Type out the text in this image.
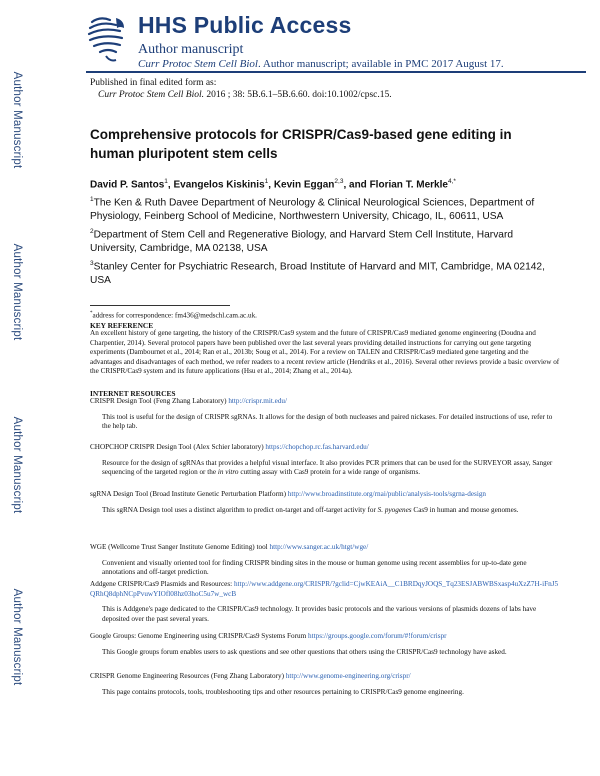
Author Manuscript
Author Manuscript
Author Manuscript
Author Manuscript
HHS Public Access
Author manuscript
Curr Protoc Stem Cell Biol. Author manuscript; available in PMC 2017 August 17.
Published in final edited form as:
Curr Protoc Stem Cell Biol. 2016 ; 38: 5B.6.1–5B.6.60. doi:10.1002/cpsc.15.
Comprehensive protocols for CRISPR/Cas9-based gene editing in human pluripotent stem cells
David P. Santos$^1$, Evangelos Kiskinis$^1$, Kevin Eggan$^{2,3}$, and Florian T. Merkle$^{4,*}$
$^1$The Ken & Ruth Davee Department of Neurology & Clinical Neurological Sciences, Department of Physiology, Feinberg School of Medicine, Northwestern University, Chicago, IL, 60611, USA
$^2$Department of Stem Cell and Regenerative Biology, and Harvard Stem Cell Institute, Harvard University, Cambridge, MA 02138, USA
$^3$Stanley Center for Psychiatric Research, Broad Institute of Harvard and MIT, Cambridge, MA 02142, USA
*address for correspondence: fm436@medschl.cam.ac.uk.
KEY REFERENCE
An excellent history of gene targeting, the history of the CRISPR/Cas9 system and the future of CRISPR/Cas9 mediated genome engineering (Doudna and Charpentier, 2014). Several protocol papers have been published over the last several years providing detailed instructions for carrying out gene targeting experiments (Dambournet et al., 2014; Ran et al., 2013b; Soug et al., 2014). For a review on TALEN and CRISPR/Cas9 mediated gene targeting and the advantages and disadvantages of each method, we refer readers to a recent review article (Hendriks et al., 2016). Several other reviews provide a basic overview of the CRISPR/Cas9 system and its future applications (Hsu et al., 2014; Zhang et al., 2014a).
INTERNET RESOURCES
CRISPR Design Tool (Feng Zhang Laboratory) http://crispr.mit.edu/
This tool is useful for the design of CRISPR sgRNAs. It allows for the design of both nucleases and paired nickases. For detailed instructions of use, refer to the help tab.
CHOPCHOP CRISPR Design Tool (Alex Schier laboratory) https://chopchop.rc.fas.harvard.edu/
Resource for the design of sgRNAs that provides a helpful visual interface. It also provides PCR primers that can be used for the SURVEYOR assay, Sanger sequencing of the targeted region or the in vitro cutting assay with Cas9 protein for a wide range of organisms.
sgRNA Design Tool (Broad Institute Genetic Perturbation Platform) http://www.broadinstitute.org/rnai/public/analysis-tools/sgrna-design
This sgRNA Design tool uses a distinct algorithm to predict on-target and off-target activity for S. pyogenes Cas9 in human and mouse genomes.
WGE (Wellcome Trust Sanger Institute Genome Editing) tool http://www.sanger.ac.uk/htgt/wge/
Convenient and visually oriented tool for finding CRISPR binding sites in the mouse or human genome using recent assemblies for up-to-date gene annotations and off-target prediction.
Addgene CRISPR/Cas9 Plasmids and Resources: http://www.addgene.org/CRISPR/?gclid=CjwKEAiA__C1BRDqyJOQS_Tq23ESJABWBSxasp4uXzZ7H-iFnJ5QRhQ8dphNCpPvuwYIOfl08hz03hoC5u7w_wcB
This is Addgene's page dedicated to the CRISPR/Cas9 technology. It provides basic protocols and the various versions of plasmids dozens of labs have deposited over the past several years.
Google Groups: Genome Engineering using CRISPR/Cas9 Systems Forum https://groups.google.com/forum/#!forum/crispr
This Google groups forum enables users to ask questions and see other questions that others using the CRISPR/Cas9 technology have asked.
CRISPR Genome Engineering Resources (Feng Zhang Laboratory) http://www.genome-engineering.org/crispr/
This page contains protocols, tools, troubleshooting tips and other resources pertaining to CRISPR/Cas9 genome engineering.
